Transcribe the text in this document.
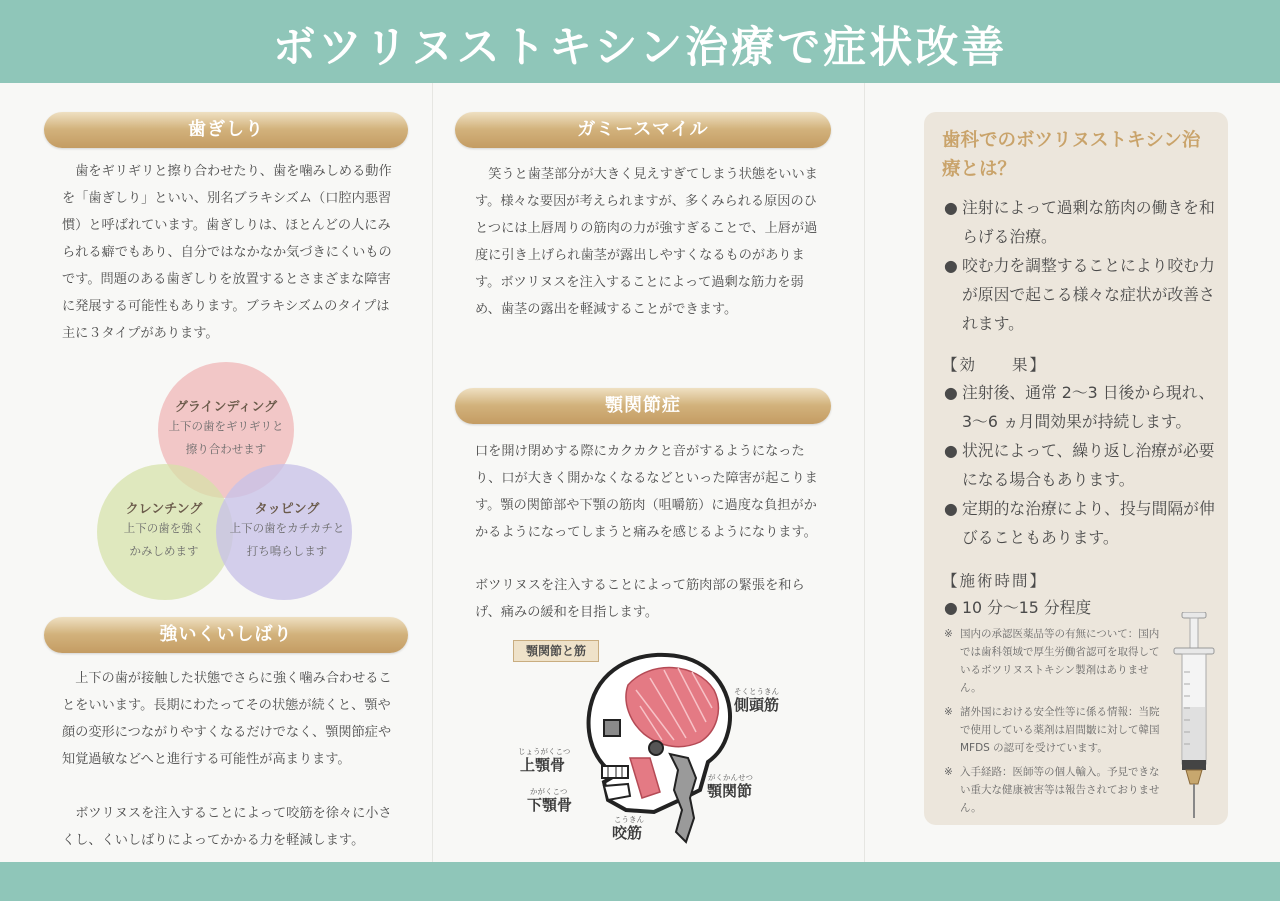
ボツリヌストキシン治療で症状改善
歯ぎしり

歯をギリギリと擦り合わせたり、歯を噛みしめる動作を「歯ぎしり」といい、別名ブラキシズム（口腔内悪習慣）と呼ばれています。歯ぎしりは、ほとんどの人にみられる癖でもあり、自分ではなかなか気づきにくいものです。問題のある歯ぎしりを放置するとさまざまな障害に発展する可能性もあります。ブラキシズムのタイプは主に３タイプがあります。

グラインディング
上下の歯をギリギリと
擦り合わせます
クレンチング
上下の歯を強く
かみしめます
タッピング
上下の歯をカチカチと
打ち鳴らします
強いくいしばり

上下の歯が接触した状態でさらに強く噛み合わせることをいいます。長期にわたってその状態が続くと、顎や顔の変形につながりやすくなるだけでなく、顎関節症や知覚過敏などへと進行する可能性が高まります。

ボツリヌスを注入することによって咬筋を徐々に小さくし、くいしばりによってかかる力を軽減します。

ガミースマイル

笑うと歯茎部分が大きく見えすぎてしまう状態をいいます。様々な要因が考えられますが、多くみられる原因のひとつには上唇周りの筋肉の力が強すぎることで、上唇が過度に引き上げられ歯茎が露出しやすくなるものがあります。ボツリヌスを注入することによって過剰な筋力を弱め、歯茎の露出を軽減することができます。

顎関節症

口を開け閉めする際にカクカクと音がするようになったり、口が大きく開かなくなるなどといった障害が起こります。顎の関節部や下顎の筋肉（咀嚼筋）に過度な負担がかかるようになってしまうと痛みを感じるようになります。

ボツリヌスを注入することによって筋肉部の緊張を和らげ、痛みの緩和を目指します。

顎関節と筋
そくとうきん
側頭筋
じょうがくこつ
上顎骨
かがくこつ
下顎骨
こうきん
咬筋
がくかんせつ
顎関節
歯科でのボツリヌストキシン治療とは？
● 注射によって過剰な筋肉の働きを和らげる治療。
● 咬む力を調整することにより咬む力が原因で起こる様々な症状が改善されます。
【効　　果】
● 注射後、通常 2〜3 日後から現れ、3〜6 ヵ月間効果が持続します。
● 状況によって、繰り返し治療が必要になる場合もあります。
● 定期的な治療により、投与間隔が伸びることもあります。
【施術時間】
● 10 分〜15 分程度
※ 国内の承認医薬品等の有無について：国内では歯科領域で厚生労働省認可を取得しているボツリヌストキシン製剤はありません。
※ 諸外国における安全性等に係る情報：当院で使用している薬剤は眉間皺に対して韓国 MFDS の認可を受けています。
※ 入手経路：医師等の個人輸入。予見できない重大な健康被害等は報告されておりません。
